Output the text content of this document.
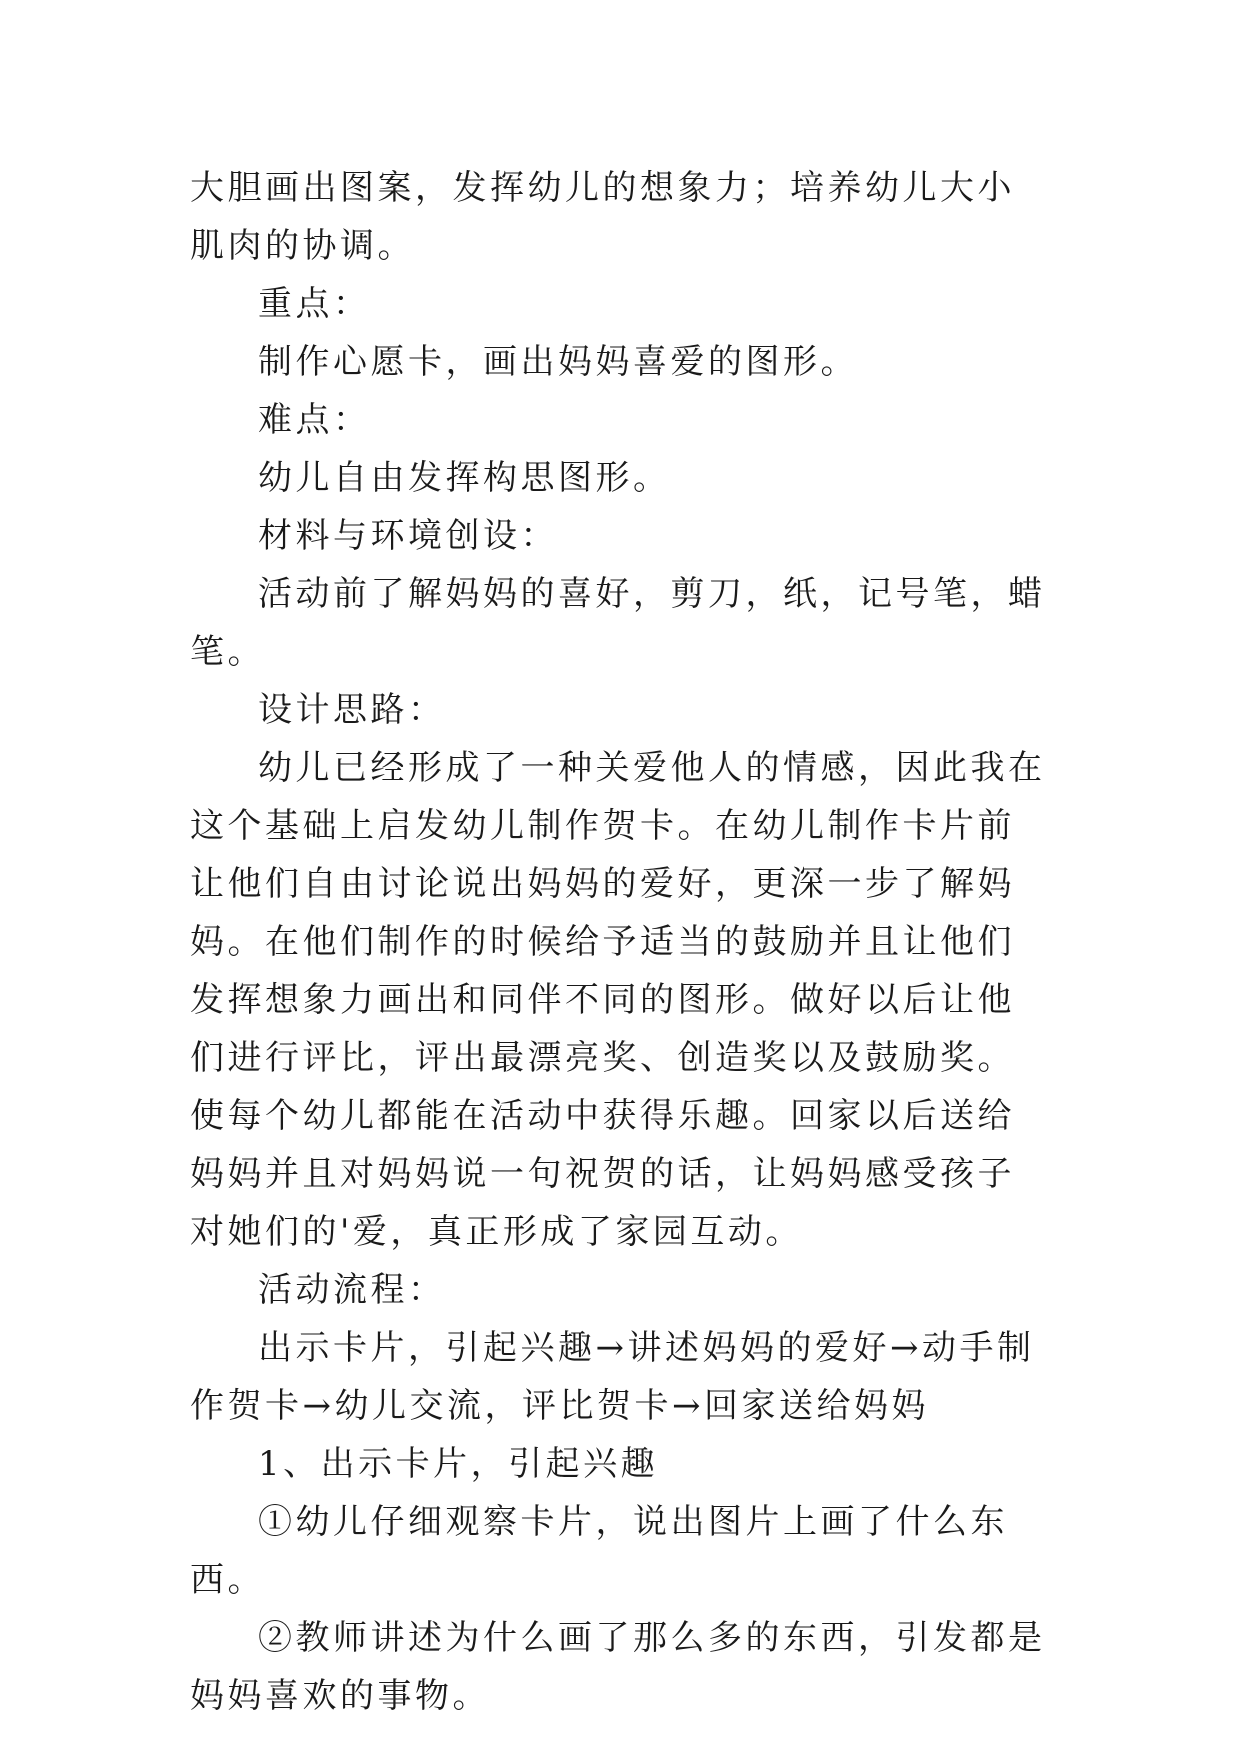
大胆画出图案，发挥幼儿的想象力；培养幼儿大小肌肉的协调。

重点：

制作心愿卡，画出妈妈喜爱的图形。

难点：

幼儿自由发挥构思图形。

材料与环境创设：

活动前了解妈妈的喜好，剪刀，纸，记号笔，蜡笔。

设计思路：

幼儿已经形成了一种关爱他人的情感，因此我在这个基础上启发幼儿制作贺卡。在幼儿制作卡片前让他们自由讨论说出妈妈的爱好，更深一步了解妈妈。在他们制作的时候给予适当的鼓励并且让他们发挥想象力画出和同伴不同的图形。做好以后让他们进行评比，评出最漂亮奖、创造奖以及鼓励奖。使每个幼儿都能在活动中获得乐趣。回家以后送给妈妈并且对妈妈说一句祝贺的话，让妈妈感受孩子对她们的'爱，真正形成了家园互动。

活动流程：

出示卡片，引起兴趣→讲述妈妈的爱好→动手制作贺卡→幼儿交流，评比贺卡→回家送给妈妈

1、出示卡片，引起兴趣

①幼儿仔细观察卡片，说出图片上画了什么东西。

②教师讲述为什么画了那么多的东西，引发都是妈妈喜欢的事物。
